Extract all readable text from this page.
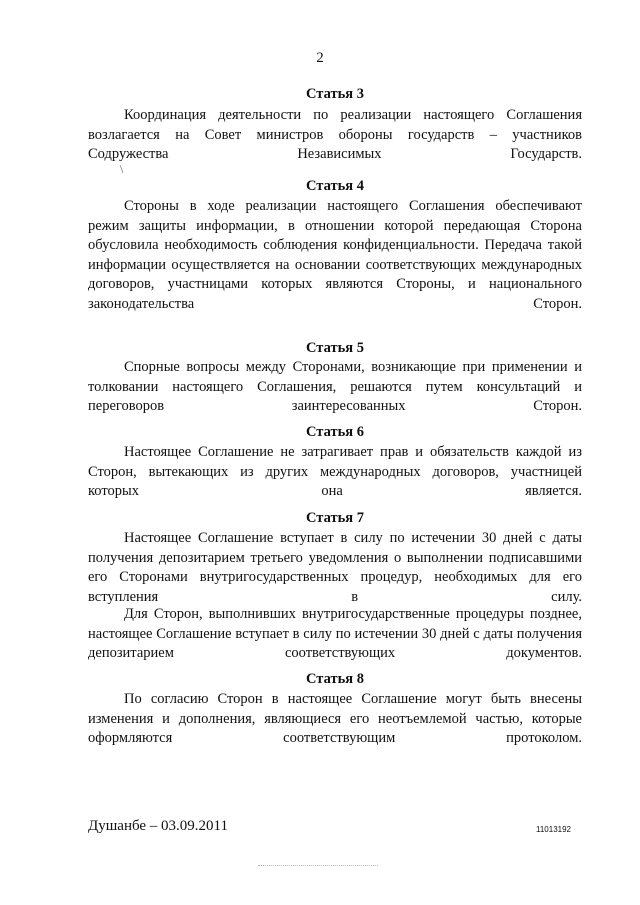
2
Статья 3

Координация деятельности по реализации настоящего Соглашения возлагается на Совет министров обороны государств – участников Содружества Независимых Государств.

\
Статья 4

Стороны в ходе реализации настоящего Соглашения обеспечивают режим защиты информации, в отношении которой передающая Сторона обусловила необходимость соблюдения конфиденциальности. Передача такой информации осуществляется на основании соответствующих международных договоров, участницами которых являются Стороны, и национального законодательства Сторон.

Статья 5

Спорные вопросы между Сторонами, возникающие при применении и толковании настоящего Соглашения, решаются путем консультаций и переговоров заинтересованных Сторон.

Статья 6

Настоящее Соглашение не затрагивает прав и обязательств каждой из Сторон, вытекающих из других международных договоров, участницей которых она является.

Статья 7

Настоящее Соглашение вступает в силу по истечении 30 дней с даты получения депозитарием третьего уведомления о выполнении подписавшими его Сторонами внутригосударственных процедур, необходимых для его вступления в силу.

Для Сторон, выполнивших внутригосударственные процедуры позднее, настоящее Соглашение вступает в силу по истечении 30 дней с даты получения депозитарием соответствующих документов.

Статья 8

По согласию Сторон в настоящее Соглашение могут быть внесены изменения и дополнения, являющиеся его неотъемлемой частью, которые оформляются соответствующим протоколом.

Душанбе – 03.09.2011	11013192
